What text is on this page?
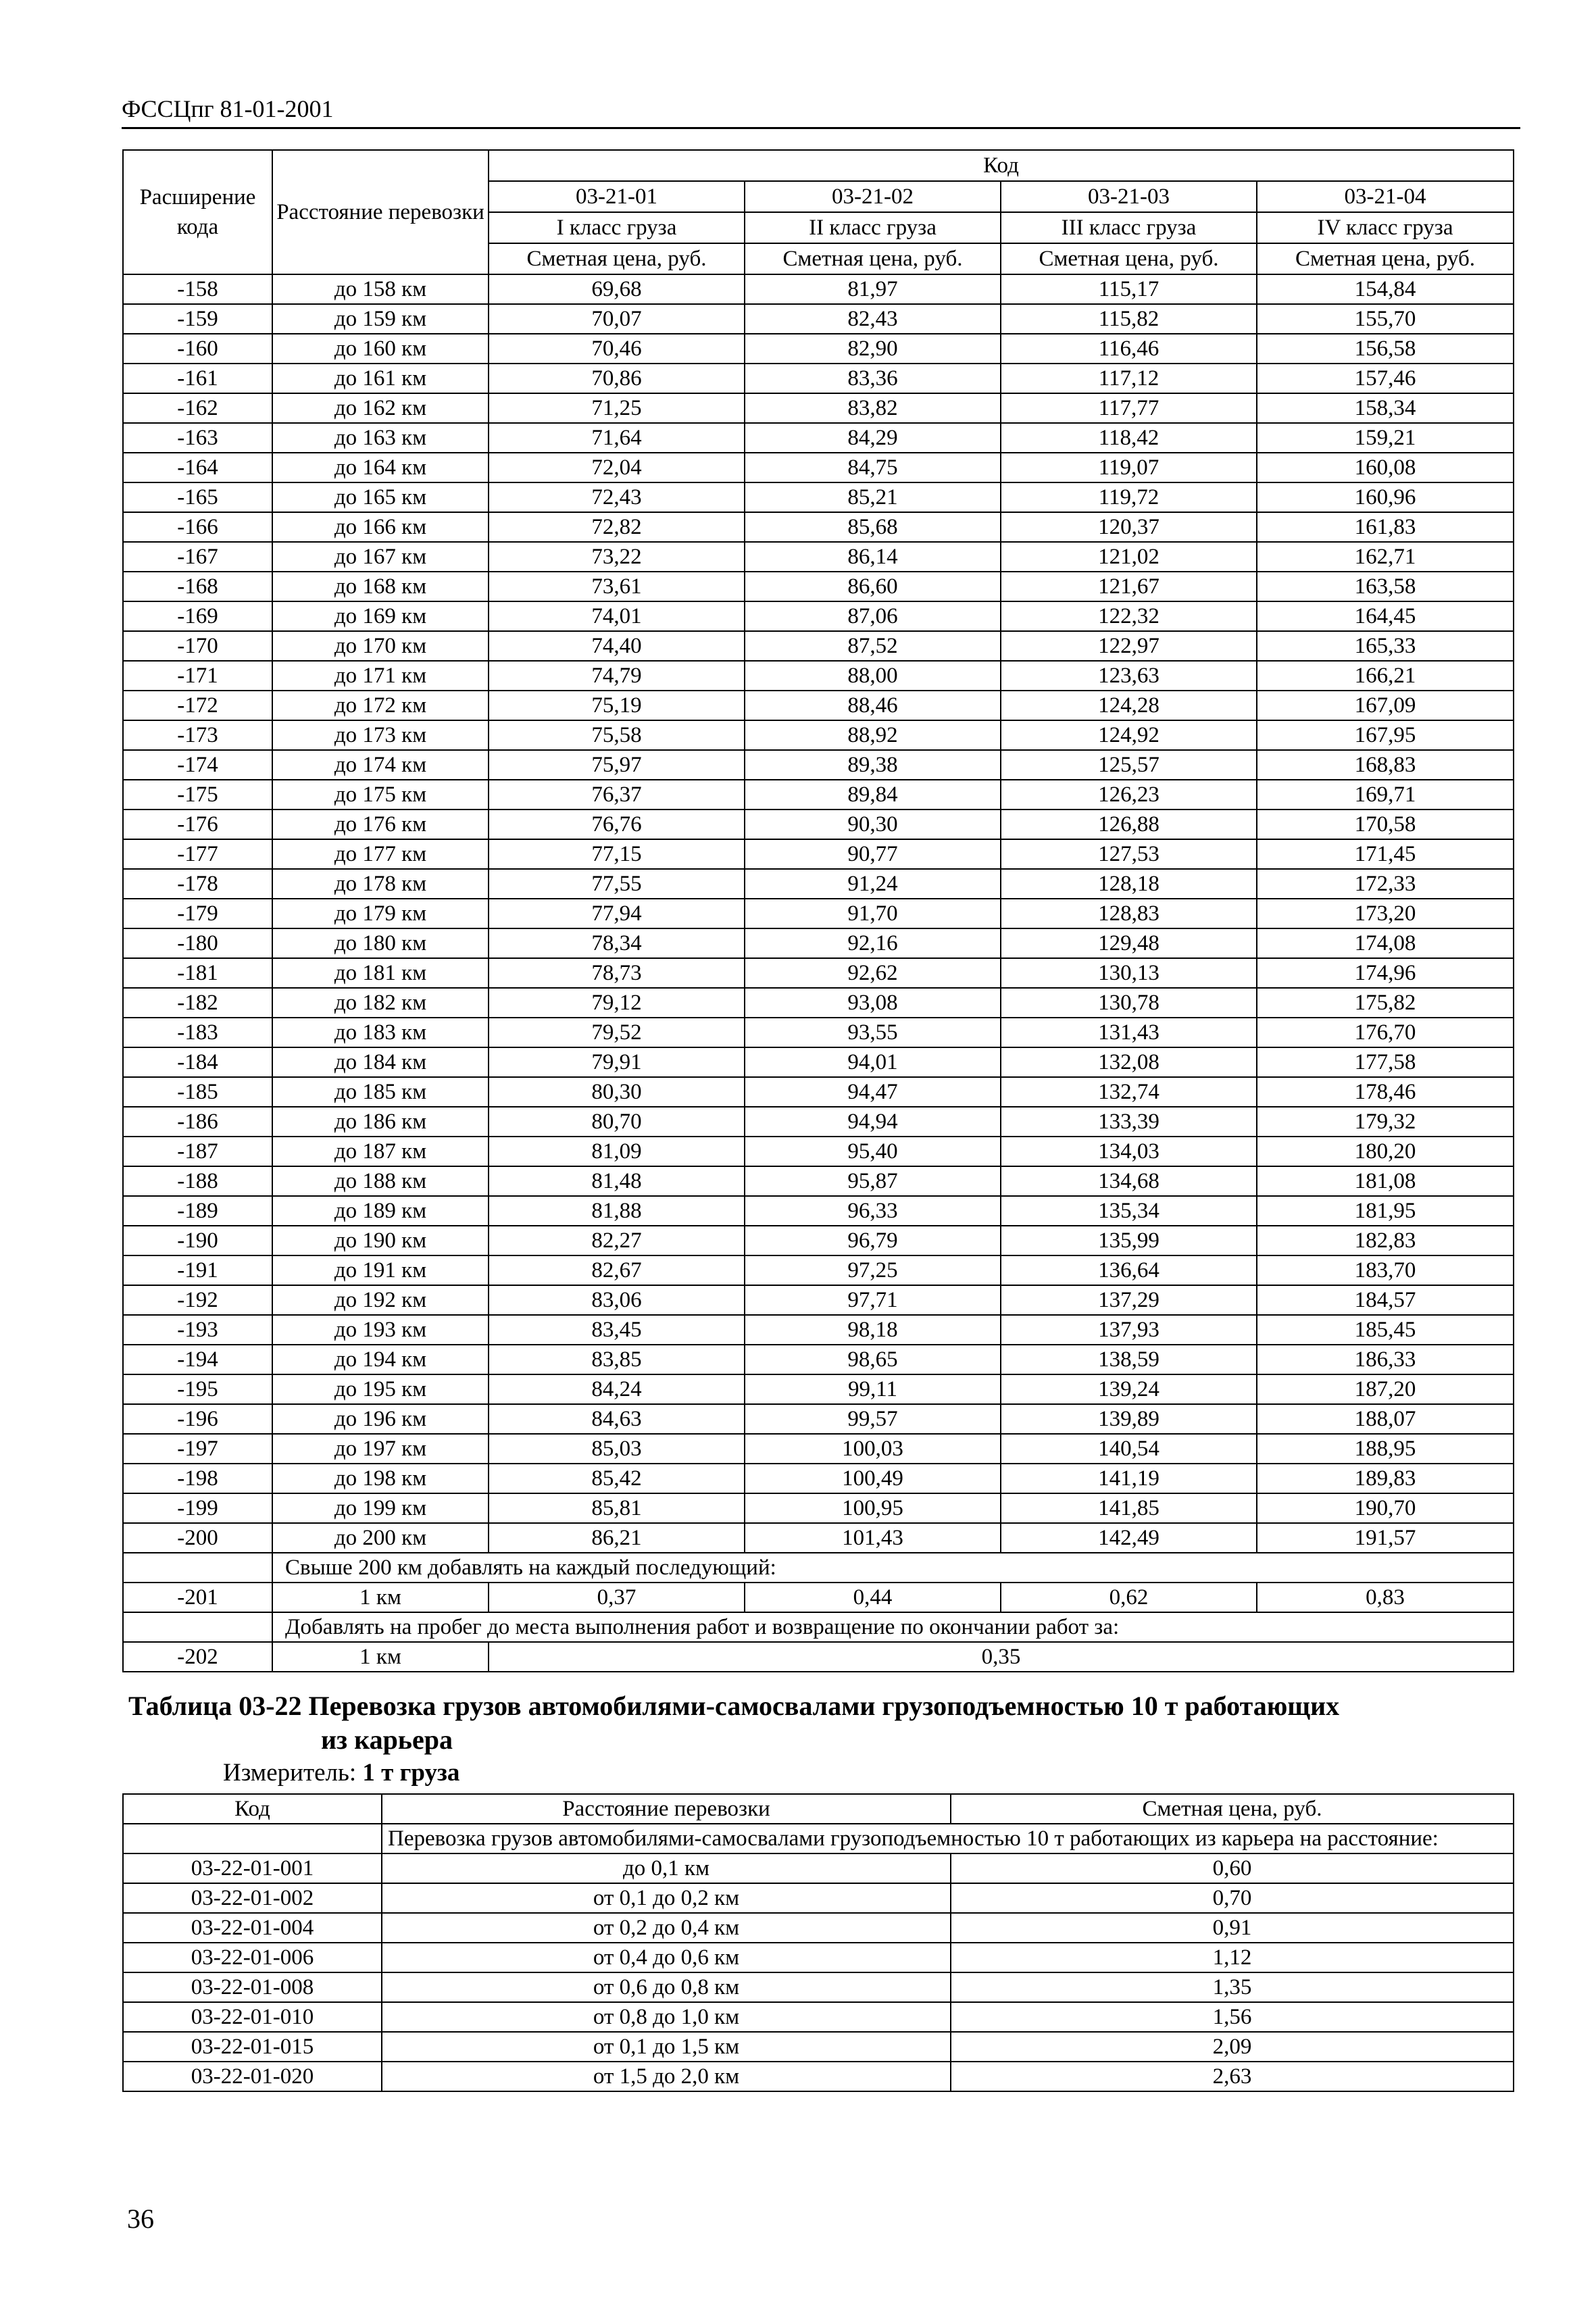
ФССЦпг 81-01-2001
Расширение кода	Расстояние перевозки	Код			
		03-21-01	03-21-02	03-21-03	03-21-04
		I класс груза	II класс груза	III класс груза	IV класс груза
		Сметная цена, руб.	Сметная цена, руб.	Сметная цена, руб.	Сметная цена, руб.
-158	до 158 км	69,68	81,97	115,17	154,84
-159	до 159 км	70,07	82,43	115,82	155,70
-160	до 160 км	70,46	82,90	116,46	156,58
-161	до 161 км	70,86	83,36	117,12	157,46
-162	до 162 км	71,25	83,82	117,77	158,34
-163	до 163 км	71,64	84,29	118,42	159,21
-164	до 164 км	72,04	84,75	119,07	160,08
-165	до 165 км	72,43	85,21	119,72	160,96
-166	до 166 км	72,82	85,68	120,37	161,83
-167	до 167 км	73,22	86,14	121,02	162,71
-168	до 168 км	73,61	86,60	121,67	163,58
-169	до 169 км	74,01	87,06	122,32	164,45
-170	до 170 км	74,40	87,52	122,97	165,33
-171	до 171 км	74,79	88,00	123,63	166,21
-172	до 172 км	75,19	88,46	124,28	167,09
-173	до 173 км	75,58	88,92	124,92	167,95
-174	до 174 км	75,97	89,38	125,57	168,83
-175	до 175 км	76,37	89,84	126,23	169,71
-176	до 176 км	76,76	90,30	126,88	170,58
-177	до 177 км	77,15	90,77	127,53	171,45
-178	до 178 км	77,55	91,24	128,18	172,33
-179	до 179 км	77,94	91,70	128,83	173,20
-180	до 180 км	78,34	92,16	129,48	174,08
-181	до 181 км	78,73	92,62	130,13	174,96
-182	до 182 км	79,12	93,08	130,78	175,82
-183	до 183 км	79,52	93,55	131,43	176,70
-184	до 184 км	79,91	94,01	132,08	177,58
-185	до 185 км	80,30	94,47	132,74	178,46
-186	до 186 км	80,70	94,94	133,39	179,32
-187	до 187 км	81,09	95,40	134,03	180,20
-188	до 188 км	81,48	95,87	134,68	181,08
-189	до 189 км	81,88	96,33	135,34	181,95
-190	до 190 км	82,27	96,79	135,99	182,83
-191	до 191 км	82,67	97,25	136,64	183,70
-192	до 192 км	83,06	97,71	137,29	184,57
-193	до 193 км	83,45	98,18	137,93	185,45
-194	до 194 км	83,85	98,65	138,59	186,33
-195	до 195 км	84,24	99,11	139,24	187,20
-196	до 196 км	84,63	99,57	139,89	188,07
-197	до 197 км	85,03	100,03	140,54	188,95
-198	до 198 км	85,42	100,49	141,19	189,83
-199	до 199 км	85,81	100,95	141,85	190,70
-200	до 200 км	86,21	101,43	142,49	191,57
	Свыше 200 км добавлять на каждый последующий:				
-201	1 км	0,37	0,44	0,62	0,83
	Добавлять на пробег до места выполнения работ и возвращение по окончании работ за:				
-202	1 км	0,35			
Таблица 03-22 Перевозка грузов автомобилями-самосвалами грузоподъемностью 10 т работающих
из карьера
Измеритель: 1 т груза
Код	Расстояние перевозки	Сметная цена, руб.
	Перевозка грузов автомобилями-самосвалами грузоподъемностью 10 т работающих из карьера на расстояние:	
03-22-01-001	до 0,1 км	0,60
03-22-01-002	от 0,1 до 0,2 км	0,70
03-22-01-004	от 0,2 до 0,4 км	0,91
03-22-01-006	от 0,4 до 0,6 км	1,12
03-22-01-008	от 0,6 до 0,8 км	1,35
03-22-01-010	от 0,8 до 1,0 км	1,56
03-22-01-015	от 0,1 до 1,5 км	2,09
03-22-01-020	от 1,5 до 2,0 км	2,63
36
